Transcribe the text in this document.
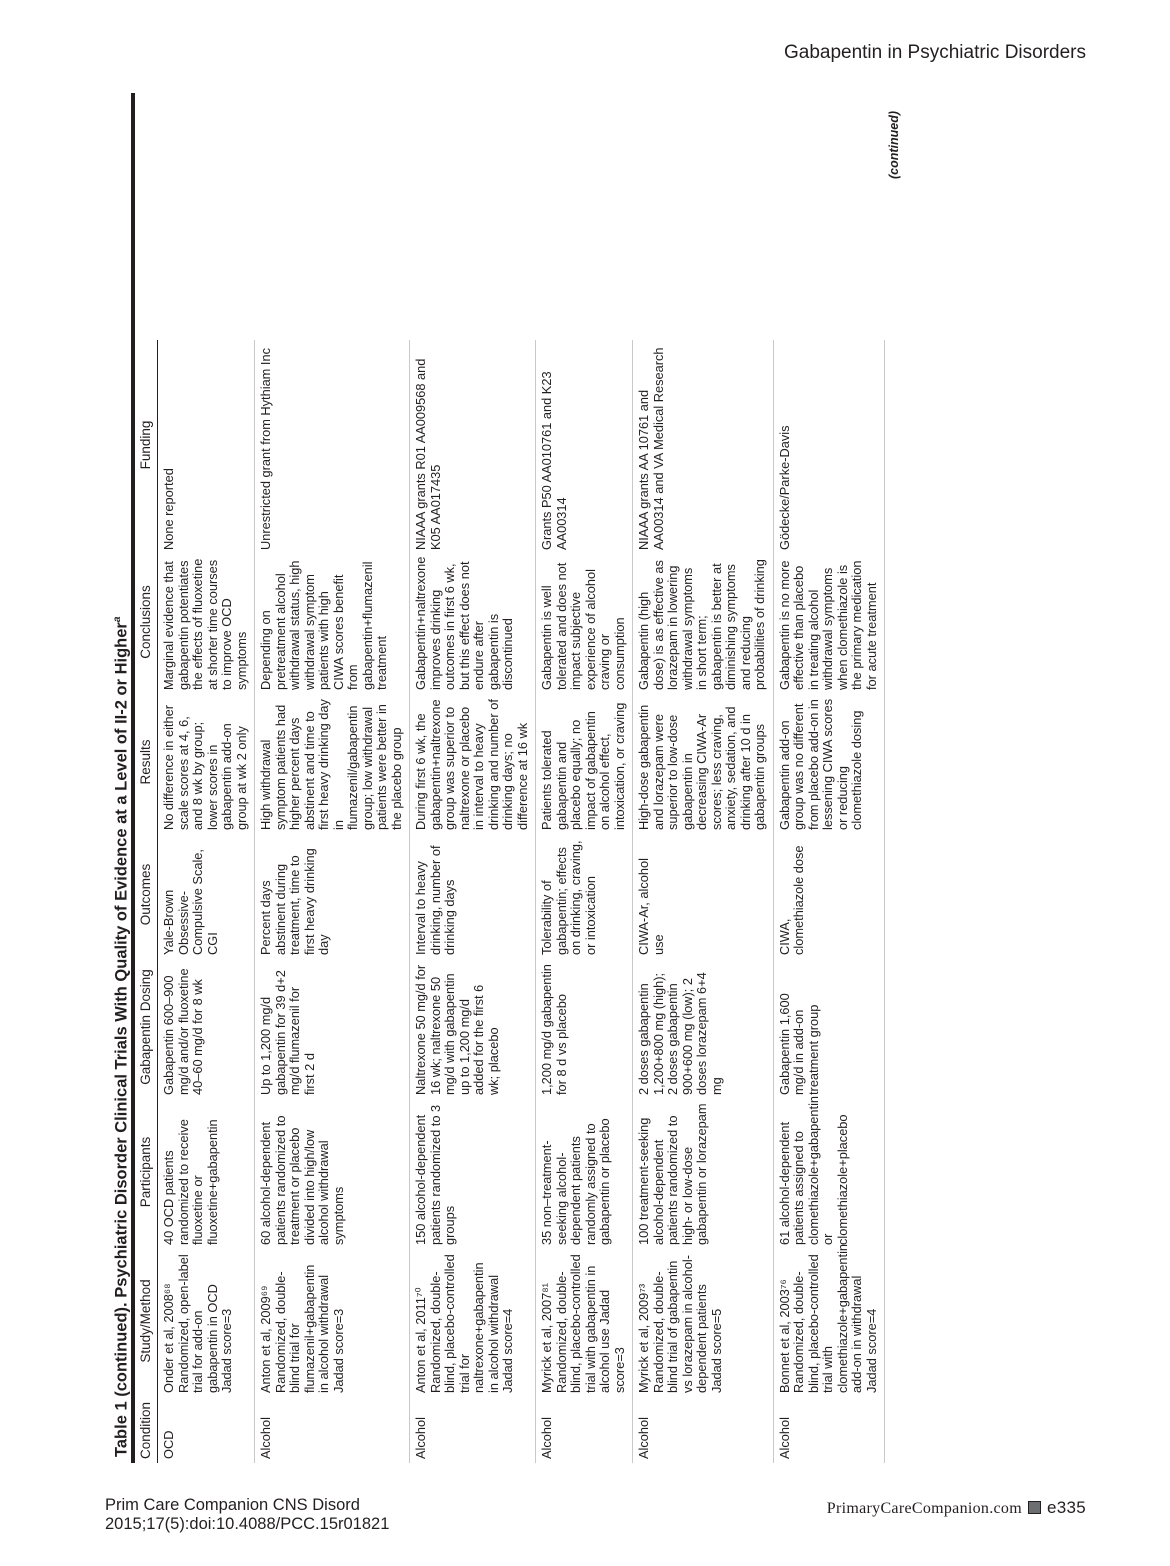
Gabapentin in Psychiatric Disorders
Table 1 (continued). Psychiatric Disorder Clinical Trials With Quality of Evidence at a Level of II-2 or Higher$^a$
Condition
Study/Method
Participants
Gabapentin Dosing
Outcomes
Results
Conclusions
Funding
OCD
Onder et al, 2008⁶⁸ Randomized, open-label trial for add-on gabapentin in OCD Jadad score=3
40 OCD patients randomized to receive fluoxetine or fluoxetine+gabapentin
Gabapentin 600–900 mg/d and/or fluoxetine 40–60 mg/d for 8 wk
Yale-Brown Obsessive-Compulsive Scale, CGI
No difference in either scale scores at 4, 6, and 8 wk by group; lower scores in gabapentin add-on group at wk 2 only
Marginal evidence that gabapentin potentiates the effects of fluoxetine at shorter time courses to improve OCD symptoms
None reported
Alcohol
Anton et al, 2009⁶⁹ Randomized, double-blind trial for flumazenil+gabapentin in alcohol withdrawal Jadad score=3
60 alcohol-dependent patients randomized to treatment or placebo divided into high/low alcohol withdrawal symptoms
Up to 1,200 mg/d gabapentin for 39 d+2 mg/d flumazenil for first 2 d
Percent days abstinent during treatment, time to first heavy drinking day
High withdrawal symptom patients had higher percent days abstinent and time to first heavy drinking day in flumazenil/gabapentin group; low withdrawal patients were better in the placebo group
Depending on pretreatment alcohol withdrawal status, high withdrawal symptom patients with high CIWA scores benefit from gabapentin+flumazenil treatment
Unrestricted grant from Hythiam Inc
Alcohol
Anton et al, 2011⁷⁰ Randomized, double-blind, placebo-controlled trial for naltrexone+gabapentin in alcohol withdrawal Jadad score=4
150 alcohol-dependent patients randomized to 3 groups
Naltrexone 50 mg/d for 16 wk; naltrexone 50 mg/d with gabapentin up to 1,200 mg/d added for the first 6 wk; placebo
Interval to heavy drinking, number of drinking days
During first 6 wk, the gabapentin+naltrexone group was superior to naltrexone or placebo in interval to heavy drinking and number of drinking days; no difference at 16 wk
Gabapentin+naltrexone improves drinking outcomes in first 6 wk, but this effect does not endure after gabapentin is discontinued
NIAAA grants R01 AA009568 and K05 AA017435
Alcohol
Myrick et al, 2007⁸¹ Randomized, double-blind, placebo-controlled trial with gabapentin in alcohol use Jadad score=3
35 non–treatment-seeking alcohol-dependent patients randomly assigned to gabapentin or placebo
1,200 mg/d gabapentin for 8 d vs placebo
Tolerability of gabapentin; effects on drinking, craving, or intoxication
Patients tolerated gabapentin and placebo equally; no impact of gabapentin on alcohol effect, intoxication, or craving
Gabapentin is well tolerated and does not impact subjective experience of alcohol craving or consumption
Grants P50 AA010761 and K23 AA00314
Alcohol
Myrick et al, 2009⁷³ Randomized, double-blind trial of gabapentin vs lorazepam in alcohol-dependent patients Jadad score=5
100 treatment-seeking alcohol-dependent patients randomized to high- or low-dose gabapentin or lorazepam
2 doses gabapentin 1,200+800 mg (high); 2 doses gabapentin 900+600 mg (low); 2 doses lorazepam 6+4 mg
CIWA-Ar, alcohol use
High-dose gabapentin and lorazepam were superior to low-dose gabapentin in decreasing CIWA-Ar scores; less craving, anxiety, sedation, and drinking after 10 d in gabapentin groups
Gabapentin (high dose) is as effective as lorazepam in lowering withdrawal symptoms in short term; gabapentin is better at diminishing symptoms and reducing probabilities of drinking
NIAAA grants AA 10761 and AA00314 and VA Medical Research
Alcohol
Bonnet et al, 2003⁷⁶ Randomized, double-blind, placebo-controlled trial with clomethiazole+gabapentin add-on in withdrawal Jadad score=4
61 alcohol-dependent patients assigned to clomethiazole+gabapentin or clomethiazole+placebo
Gabapentin 1,600 mg/d in add-on treatment group
CIWA, clomethiazole dose
Gabapentin add-on group was no different from placebo add-on in lessening CIWA scores or reducing clomethiazole dosing
Gabapentin is no more effective than placebo in treating alcohol withdrawal symptoms when clomethiazole is the primary medication for acute treatment
Gödecke/Parke-Davis
(continued)
Prim Care Companion CNS Disord
2015;17(5):doi:10.4088/PCC.15r01821
PrimaryCareCompanion.com e335
